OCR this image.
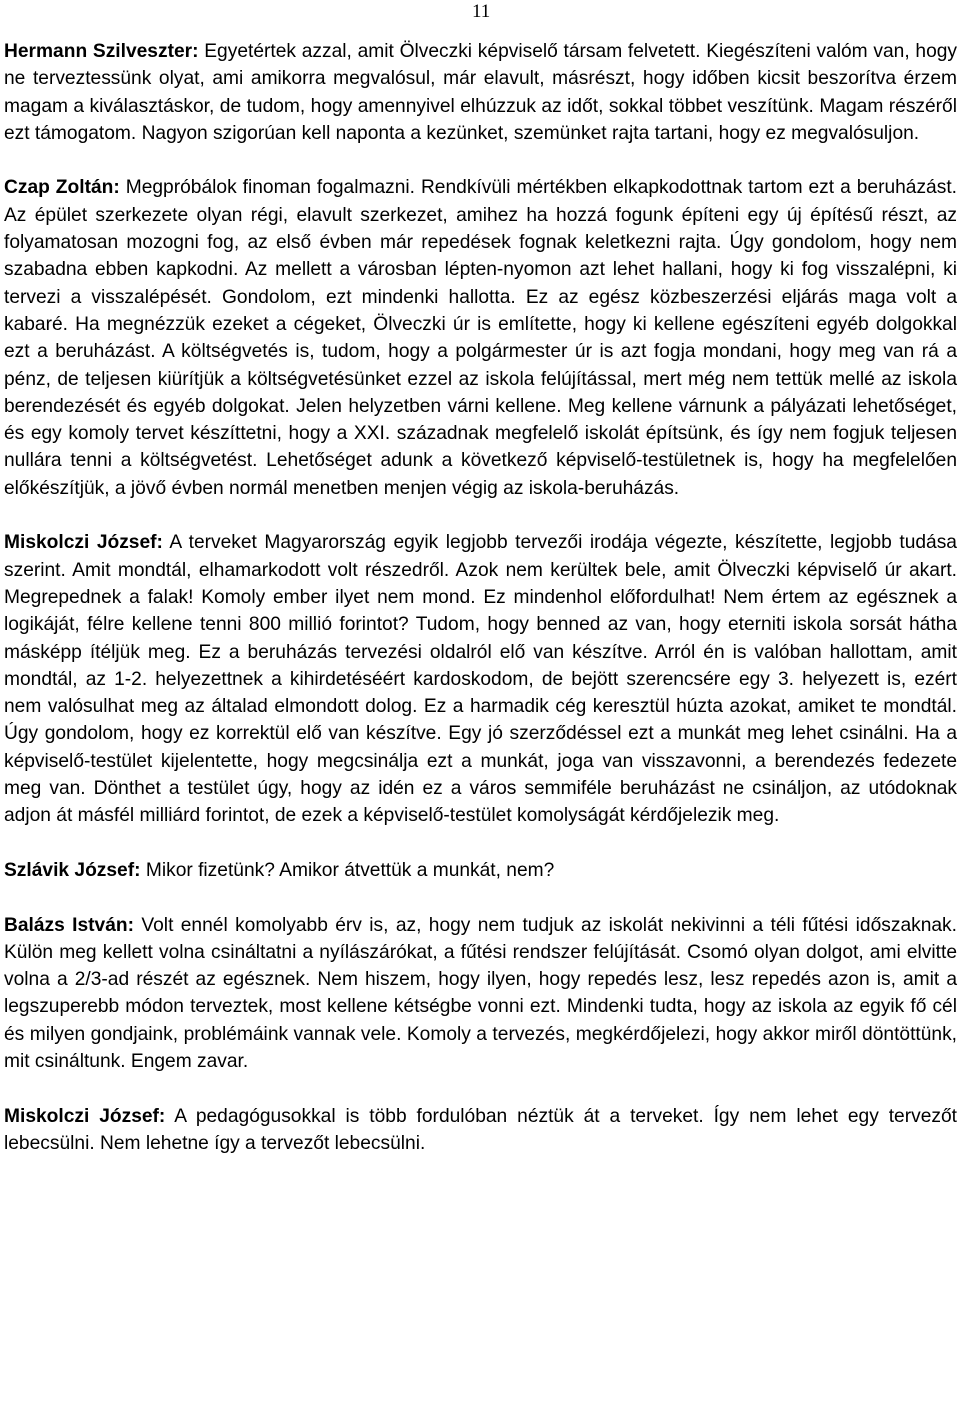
11

Hermann Szilveszter: Egyetértek azzal, amit Ölveczki képviselő társam felvetett. Kiegészíteni valóm van, hogy ne terveztessünk olyat, ami amikorra megvalósul, már elavult, másrészt, hogy időben kicsit beszorítva érzem magam a kiválasztáskor, de tudom, hogy amennyivel elhúzzuk az időt, sokkal többet veszítünk. Magam részéről ezt támogatom. Nagyon szigorúan kell naponta a kezünket, szemünket rajta tartani, hogy ez megvalósuljon.

Czap Zoltán: Megpróbálok finoman fogalmazni. Rendkívüli mértékben elkapkodottnak tartom ezt a beruházást. Az épület szerkezete olyan régi, elavult szerkezet, amihez ha hozzá fogunk építeni egy új építésű részt, az folyamatosan mozogni fog, az első évben már repedések fognak keletkezni rajta. Úgy gondolom, hogy nem szabadna ebben kapkodni. Az mellett a városban lépten-nyomon azt lehet hallani, hogy ki fog visszalépni, ki tervezi a visszalépését. Gondolom, ezt mindenki hallotta. Ez az egész közbeszerzési eljárás maga volt a kabaré. Ha megnézzük ezeket a cégeket, Ölveczki úr is említette, hogy ki kellene egészíteni egyéb dolgokkal ezt a beruházást. A költségvetés is, tudom, hogy a polgármester úr is azt fogja mondani, hogy meg van rá a pénz, de teljesen kiürítjük a költségvetésünket ezzel az iskola felújítással, mert még nem tettük mellé az iskola berendezését és egyéb dolgokat. Jelen helyzetben várni kellene. Meg kellene várnunk a pályázati lehetőséget, és egy komoly tervet készíttetni, hogy a XXI. századnak megfelelő iskolát építsünk, és így nem fogjuk teljesen nullára tenni a költségvetést. Lehetőséget adunk a következő képviselő-testületnek is, hogy ha megfelelően előkészítjük, a jövő évben normál menetben menjen végig az iskola-beruházás.

Miskolczi József: A terveket Magyarország egyik legjobb tervezői irodája végezte, készítette, legjobb tudása szerint. Amit mondtál, elhamarkodott volt részedről. Azok nem kerültek bele, amit Ölveczki képviselő úr akart. Megrepednek a falak! Komoly ember ilyet nem mond. Ez mindenhol előfordulhat! Nem értem az egésznek a logikáját, félre kellene tenni 800 millió forintot? Tudom, hogy benned az van, hogy eterniti iskola sorsát hátha másképp ítéljük meg. Ez a beruházás tervezési oldalról elő van készítve. Arról én is valóban hallottam, amit mondtál, az 1-2. helyezettnek a kihirdetéséért kardoskodom, de bejött szerencsére egy 3. helyezett is, ezért nem valósulhat meg az általad elmondott dolog. Ez a harmadik cég keresztül húzta azokat, amiket te mondtál. Úgy gondolom, hogy ez korrektül elő van készítve. Egy jó szerződéssel ezt a munkát meg lehet csinálni. Ha a képviselő-testület kijelentette, hogy megcsinálja ezt a munkát, joga van visszavonni, a berendezés fedezete meg van. Dönthet a testület úgy, hogy az idén ez a város semmiféle beruházást ne csináljon, az utódoknak adjon át másfél milliárd forintot, de ezek a képviselő-testület komolyságát kérdőjelezik meg.

Szlávik József: Mikor fizetünk? Amikor átvettük a munkát, nem?

Balázs István: Volt ennél komolyabb érv is, az, hogy nem tudjuk az iskolát nekivinni a téli fűtési időszaknak. Külön meg kellett volna csináltatni a nyílászárókat, a fűtési rendszer felújítását. Csomó olyan dolgot, ami elvitte volna a 2/3-ad részét az egésznek. Nem hiszem, hogy ilyen, hogy repedés lesz, lesz repedés azon is, amit a legszuperebb módon terveztek, most kellene kétségbe vonni ezt. Mindenki tudta, hogy az iskola az egyik fő cél és milyen gondjaink, problémáink vannak vele. Komoly a tervezés, megkérdőjelezi, hogy akkor miről döntöttünk, mit csináltunk. Engem zavar.

Miskolczi József: A pedagógusokkal is több fordulóban néztük át a terveket. Így nem lehet egy tervezőt lebecsülni. Nem lehetne így a tervezőt lebecsülni.
